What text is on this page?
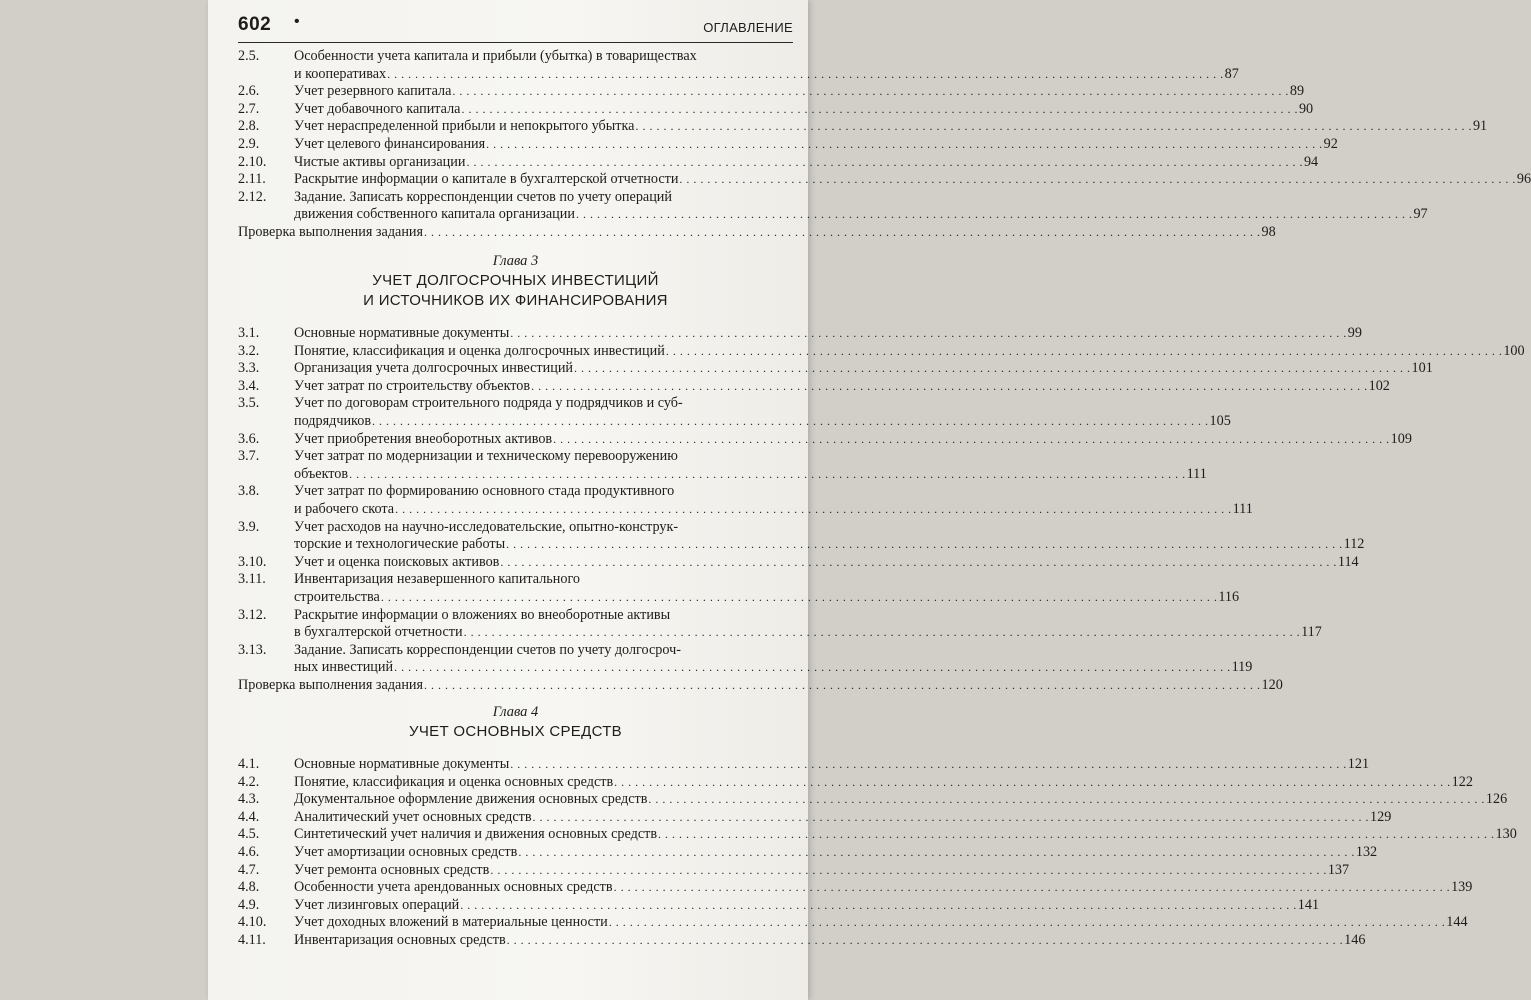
602 •	ОГЛАВЛЕНИЕ
2.5. Особенности учета капитала и прибыли (убытка) в товариществах
и кооперативах . . . . . . . . . . . . . . . . . . . . . . . . . . . . . . . . . . . . . . . . . . . . . . . . . . . . . . . . . . . . . . . . . . . . . . . . . . . . . . . . . . . . . . . . . . . . . . . . . . . . . . . . . . . . . . . . . . . . . . . . 87
2.6. Учет резервного капитала . . . . . . . . . . . . . . . . . . . . . . . . . . . . . . . . . . . . . . . . . . . . . . . . . . . . . . . . . . . . . . . . . . . . . . . . . . . . . . . . . . . . . . . . . . . . . . . . . . . . . . . . . . . . . . . . . . . . . . . . 89
2.7. Учет добавочного капитала . . . . . . . . . . . . . . . . . . . . . . . . . . . . . . . . . . . . . . . . . . . . . . . . . . . . . . . . . . . . . . . . . . . . . . . . . . . . . . . . . . . . . . . . . . . . . . . . . . . . . . . . . . . . . . . . . . . . . . . . 90
2.8. Учет нераспределенной прибыли и непокрытого убытка . . . . . . . . . . . . . . . . . . . . . . . . . . . . . . . . . . . . . . . . . . . . . . . . . . . . . . . . . . . . . . . . . . . . . . . . . . . . . . . . . . . . . . . . . . . . . . . . . . . . . . . . . . . . . . . . . . . . . . . . 91
2.9. Учет целевого финансирования . . . . . . . . . . . . . . . . . . . . . . . . . . . . . . . . . . . . . . . . . . . . . . . . . . . . . . . . . . . . . . . . . . . . . . . . . . . . . . . . . . . . . . . . . . . . . . . . . . . . . . . . . . . . . . . . . . . . . . . . 92
2.10. Чистые активы организации . . . . . . . . . . . . . . . . . . . . . . . . . . . . . . . . . . . . . . . . . . . . . . . . . . . . . . . . . . . . . . . . . . . . . . . . . . . . . . . . . . . . . . . . . . . . . . . . . . . . . . . . . . . . . . . . . . . . . . . . 94
2.11. Раскрытие информации о капитале в бухгалтерской отчетности . . . . . . . . . . . . . . . . . . . . . . . . . . . . . . . . . . . . . . . . . . . . . . . . . . . . . . . . . . . . . . . . . . . . . . . . . . . . . . . . . . . . . . . . . . . . . . . . . . . . . . . . . . . . . . . . . . . . . . . . 96
2.12. Задание. Записать корреспонденции счетов по учету операций
движения собственного капитала организации . . . . . . . . . . . . . . . . . . . . . . . . . . . . . . . . . . . . . . . . . . . . . . . . . . . . . . . . . . . . . . . . . . . . . . . . . . . . . . . . . . . . . . . . . . . . . . . . . . . . . . . . . . . . . . . . . . . . . . . . 97
Проверка выполнения задания . . . . . . . . . . . . . . . . . . . . . . . . . . . . . . . . . . . . . . . . . . . . . . . . . . . . . . . . . . . . . . . . . . . . . . . . . . . . . . . . . . . . . . . . . . . . . . . . . . . . . . . . . . . . . . . . . . . . . . . . 98
Глава 3
УЧЕТ ДОЛГОСРОЧНЫХ ИНВЕСТИЦИЙ
И ИСТОЧНИКОВ ИХ ФИНАНСИРОВАНИЯ
3.1. Основные нормативные документы . . . . . . . . . . . . . . . . . . . . . . . . . . . . . . . . . . . . . . . . . . . . . . . . . . . . . . . . . . . . . . . . . . . . . . . . . . . . . . . . . . . . . . . . . . . . . . . . . . . . . . . . . . . . . . . . . . . . . . . . 99
3.2. Понятие, классификация и оценка долгосрочных инвестиций . . . . . . . . . . . . . . . . . . . . . . . . . . . . . . . . . . . . . . . . . . . . . . . . . . . . . . . . . . . . . . . . . . . . . . . . . . . . . . . . . . . . . . . . . . . . . . . . . . . . . . . . . . . . . . . . . . . . . . . . 100
3.3. Организация учета долгосрочных инвестиций . . . . . . . . . . . . . . . . . . . . . . . . . . . . . . . . . . . . . . . . . . . . . . . . . . . . . . . . . . . . . . . . . . . . . . . . . . . . . . . . . . . . . . . . . . . . . . . . . . . . . . . . . . . . . . . . . . . . . . . . 101
3.4. Учет затрат по строительству объектов . . . . . . . . . . . . . . . . . . . . . . . . . . . . . . . . . . . . . . . . . . . . . . . . . . . . . . . . . . . . . . . . . . . . . . . . . . . . . . . . . . . . . . . . . . . . . . . . . . . . . . . . . . . . . . . . . . . . . . . . 102
3.5. Учет по договорам строительного подряда у подрядчиков и суб-
подрядчиков . . . . . . . . . . . . . . . . . . . . . . . . . . . . . . . . . . . . . . . . . . . . . . . . . . . . . . . . . . . . . . . . . . . . . . . . . . . . . . . . . . . . . . . . . . . . . . . . . . . . . . . . . . . . . . . . . . . . . . . . 105
3.6. Учет приобретения внеоборотных активов . . . . . . . . . . . . . . . . . . . . . . . . . . . . . . . . . . . . . . . . . . . . . . . . . . . . . . . . . . . . . . . . . . . . . . . . . . . . . . . . . . . . . . . . . . . . . . . . . . . . . . . . . . . . . . . . . . . . . . . . 109
3.7. Учет затрат по модернизации и техническому перевооружению
объектов . . . . . . . . . . . . . . . . . . . . . . . . . . . . . . . . . . . . . . . . . . . . . . . . . . . . . . . . . . . . . . . . . . . . . . . . . . . . . . . . . . . . . . . . . . . . . . . . . . . . . . . . . . . . . . . . . . . . . . . . 111
3.8. Учет затрат по формированию основного стада продуктивного
и рабочего скота . . . . . . . . . . . . . . . . . . . . . . . . . . . . . . . . . . . . . . . . . . . . . . . . . . . . . . . . . . . . . . . . . . . . . . . . . . . . . . . . . . . . . . . . . . . . . . . . . . . . . . . . . . . . . . . . . . . . . . . . 111
3.9. Учет расходов на научно-исследовательские, опытно-конструк-
торские и технологические работы . . . . . . . . . . . . . . . . . . . . . . . . . . . . . . . . . . . . . . . . . . . . . . . . . . . . . . . . . . . . . . . . . . . . . . . . . . . . . . . . . . . . . . . . . . . . . . . . . . . . . . . . . . . . . . . . . . . . . . . . 112
3.10. Учет и оценка поисковых активов . . . . . . . . . . . . . . . . . . . . . . . . . . . . . . . . . . . . . . . . . . . . . . . . . . . . . . . . . . . . . . . . . . . . . . . . . . . . . . . . . . . . . . . . . . . . . . . . . . . . . . . . . . . . . . . . . . . . . . . . 114
3.11. Инвентаризация незавершенного капитального
строительства . . . . . . . . . . . . . . . . . . . . . . . . . . . . . . . . . . . . . . . . . . . . . . . . . . . . . . . . . . . . . . . . . . . . . . . . . . . . . . . . . . . . . . . . . . . . . . . . . . . . . . . . . . . . . . . . . . . . . . . . 116
3.12. Раскрытие информации о вложениях во внеоборотные активы
в бухгалтерской отчетности . . . . . . . . . . . . . . . . . . . . . . . . . . . . . . . . . . . . . . . . . . . . . . . . . . . . . . . . . . . . . . . . . . . . . . . . . . . . . . . . . . . . . . . . . . . . . . . . . . . . . . . . . . . . . . . . . . . . . . . . 117
3.13. Задание. Записать корреспонденции счетов по учету долгосроч-
ных инвестиций . . . . . . . . . . . . . . . . . . . . . . . . . . . . . . . . . . . . . . . . . . . . . . . . . . . . . . . . . . . . . . . . . . . . . . . . . . . . . . . . . . . . . . . . . . . . . . . . . . . . . . . . . . . . . . . . . . . . . . . . 119
Проверка выполнения задания . . . . . . . . . . . . . . . . . . . . . . . . . . . . . . . . . . . . . . . . . . . . . . . . . . . . . . . . . . . . . . . . . . . . . . . . . . . . . . . . . . . . . . . . . . . . . . . . . . . . . . . . . . . . . . . . . . . . . . . . 120
Глава 4
УЧЕТ ОСНОВНЫХ СРЕДСТВ
4.1. Основные нормативные документы . . . . . . . . . . . . . . . . . . . . . . . . . . . . . . . . . . . . . . . . . . . . . . . . . . . . . . . . . . . . . . . . . . . . . . . . . . . . . . . . . . . . . . . . . . . . . . . . . . . . . . . . . . . . . . . . . . . . . . . . 121
4.2. Понятие, классификация и оценка основных средств . . . . . . . . . . . . . . . . . . . . . . . . . . . . . . . . . . . . . . . . . . . . . . . . . . . . . . . . . . . . . . . . . . . . . . . . . . . . . . . . . . . . . . . . . . . . . . . . . . . . . . . . . . . . . . . . . . . . . . . . 122
4.3. Документальное оформление движения основных средств . . . . . . . . . . . . . . . . . . . . . . . . . . . . . . . . . . . . . . . . . . . . . . . . . . . . . . . . . . . . . . . . . . . . . . . . . . . . . . . . . . . . . . . . . . . . . . . . . . . . . . . . . . . . . . . . . . . . . . . . 126
4.4. Аналитический учет основных средств . . . . . . . . . . . . . . . . . . . . . . . . . . . . . . . . . . . . . . . . . . . . . . . . . . . . . . . . . . . . . . . . . . . . . . . . . . . . . . . . . . . . . . . . . . . . . . . . . . . . . . . . . . . . . . . . . . . . . . . . 129
4.5. Синтетический учет наличия и движения основных средств . . . . . . . . . . . . . . . . . . . . . . . . . . . . . . . . . . . . . . . . . . . . . . . . . . . . . . . . . . . . . . . . . . . . . . . . . . . . . . . . . . . . . . . . . . . . . . . . . . . . . . . . . . . . . . . . . . . . . . . . 130
4.6. Учет амортизации основных средств . . . . . . . . . . . . . . . . . . . . . . . . . . . . . . . . . . . . . . . . . . . . . . . . . . . . . . . . . . . . . . . . . . . . . . . . . . . . . . . . . . . . . . . . . . . . . . . . . . . . . . . . . . . . . . . . . . . . . . . . 132
4.7. Учет ремонта основных средств . . . . . . . . . . . . . . . . . . . . . . . . . . . . . . . . . . . . . . . . . . . . . . . . . . . . . . . . . . . . . . . . . . . . . . . . . . . . . . . . . . . . . . . . . . . . . . . . . . . . . . . . . . . . . . . . . . . . . . . . 137
4.8. Особенности учета арендованных основных средств . . . . . . . . . . . . . . . . . . . . . . . . . . . . . . . . . . . . . . . . . . . . . . . . . . . . . . . . . . . . . . . . . . . . . . . . . . . . . . . . . . . . . . . . . . . . . . . . . . . . . . . . . . . . . . . . . . . . . . . . 139
4.9. Учет лизинговых операций . . . . . . . . . . . . . . . . . . . . . . . . . . . . . . . . . . . . . . . . . . . . . . . . . . . . . . . . . . . . . . . . . . . . . . . . . . . . . . . . . . . . . . . . . . . . . . . . . . . . . . . . . . . . . . . . . . . . . . . . 141
4.10. Учет доходных вложений в материальные ценности . . . . . . . . . . . . . . . . . . . . . . . . . . . . . . . . . . . . . . . . . . . . . . . . . . . . . . . . . . . . . . . . . . . . . . . . . . . . . . . . . . . . . . . . . . . . . . . . . . . . . . . . . . . . . . . . . . . . . . . . 144
4.11. Инвентаризация основных средств . . . . . . . . . . . . . . . . . . . . . . . . . . . . . . . . . . . . . . . . . . . . . . . . . . . . . . . . . . . . . . . . . . . . . . . . . . . . . . . . . . . . . . . . . . . . . . . . . . . . . . . . . . . . . . . . . . . . . . . . 146
